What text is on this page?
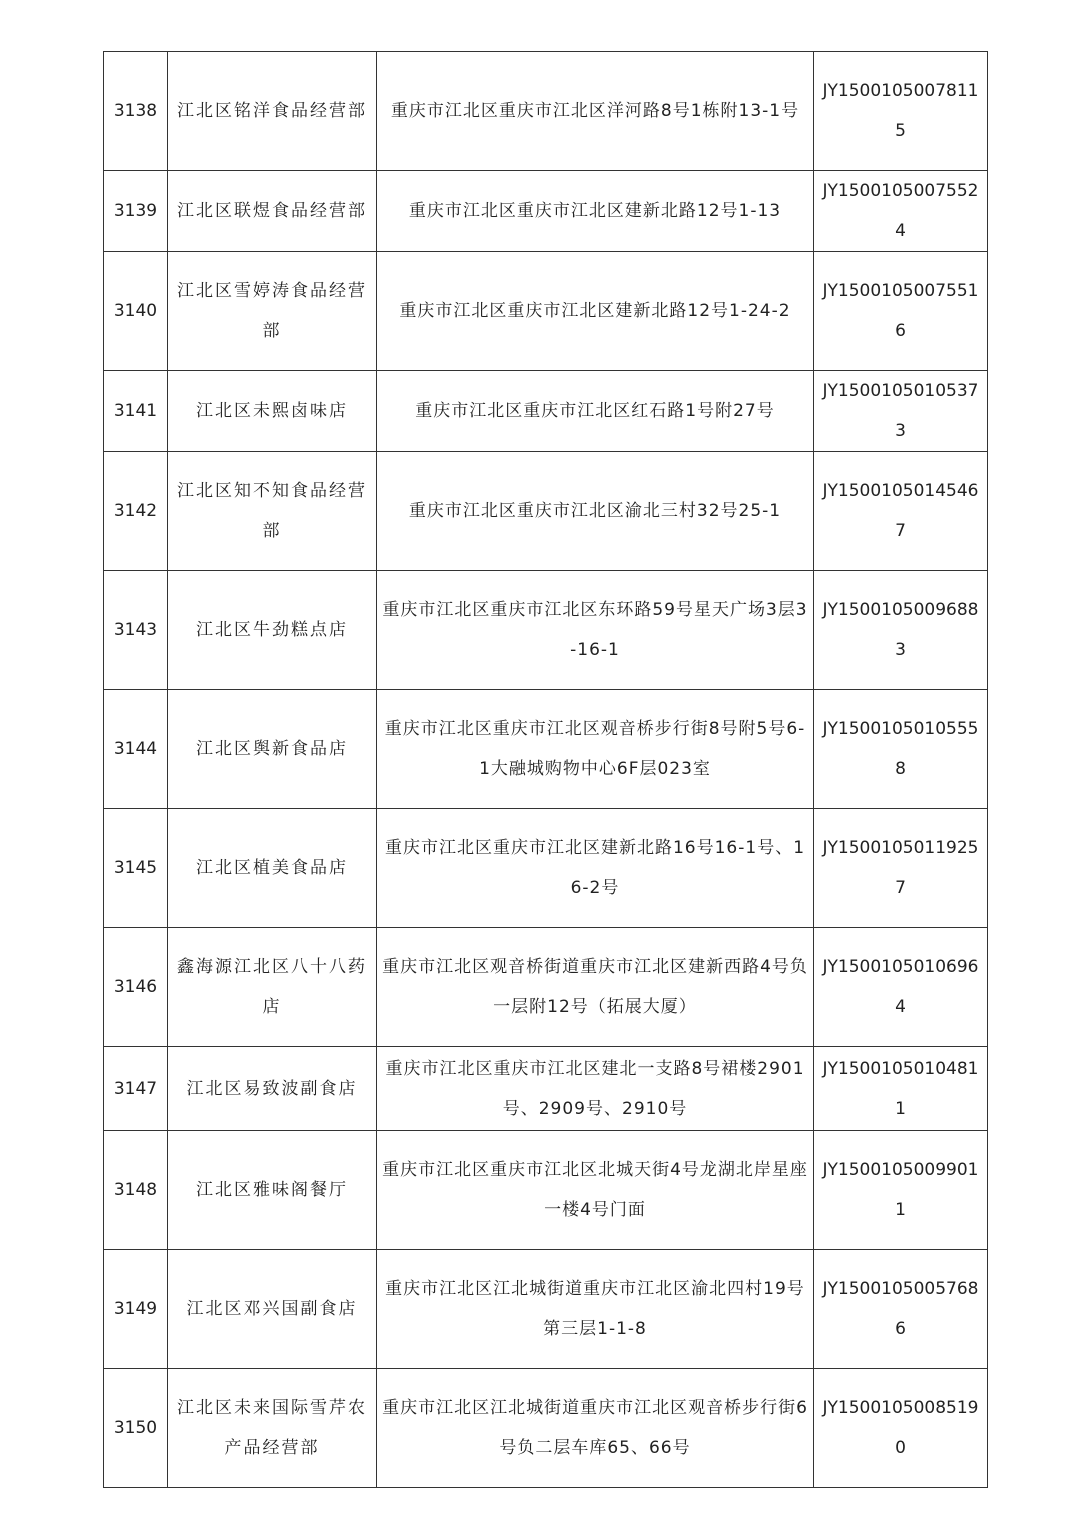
3138	江北区铭洋食品经营部	重庆市江北区重庆市江北区洋河路8号1栋附13-1号	JY15001050078115
3139	江北区联煜食品经营部	重庆市江北区重庆市江北区建新北路12号1-13	JY15001050075524
3140	江北区雪婷涛食品经营部	重庆市江北区重庆市江北区建新北路12号1-24-2	JY15001050075516
3141	江北区未熙卤味店	重庆市江北区重庆市江北区红石路1号附27号	JY15001050105373
3142	江北区知不知食品经营部	重庆市江北区重庆市江北区渝北三村32号25-1	JY15001050145467
3143	江北区牛劲糕点店	重庆市江北区重庆市江北区东环路59号星天广场3层3-16-1	JY15001050096883
3144	江北区舆新食品店	重庆市江北区重庆市江北区观音桥步行街8号附5号6-1大融城购物中心6F层023室	JY15001050105558
3145	江北区植美食品店	重庆市江北区重庆市江北区建新北路16号16-1号、16-2号	JY15001050119257
3146	鑫海源江北区八十八药店	重庆市江北区观音桥街道重庆市江北区建新西路4号负一层附12号（拓展大厦）	JY15001050106964
3147	江北区易致波副食店	重庆市江北区重庆市江北区建北一支路8号裙楼2901号、2909号、2910号	JY15001050104811
3148	江北区雅味阁餐厅	重庆市江北区重庆市江北区北城天街4号龙湖北岸星座一楼4号门面	JY15001050099011
3149	江北区邓兴国副食店	重庆市江北区江北城街道重庆市江北区渝北四村19号第三层1-1-8	JY15001050057686
3150	江北区未来国际雪芹农产品经营部	重庆市江北区江北城街道重庆市江北区观音桥步行街6号负二层车库65、66号	JY15001050085190
